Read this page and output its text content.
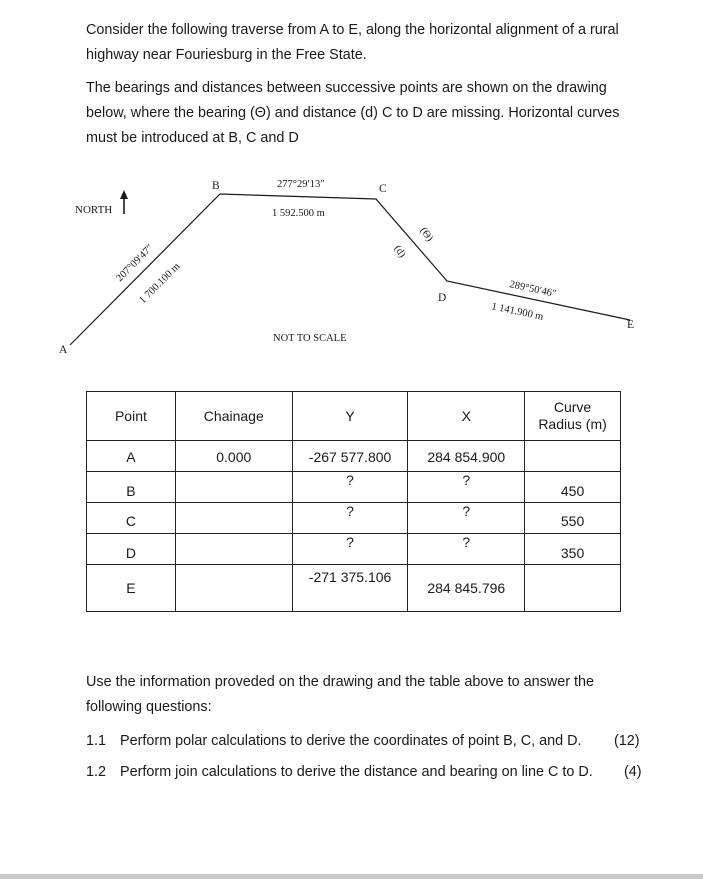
Consider the following traverse from A to E, along the horizontal alignment of a rural

highway near Fouriesburg in the Free State.

The bearings and distances between successive points are shown on the drawing

below, where the bearing (Θ) and distance (d) C to D are missing. Horizontal curves

must be introduced at B, C and D

NORTH
A
B	C
D
E
207°09′47″
1 700.100 m
277°29′13″
1 592.500 m
(Θ)
(d)
289°50′46″
1 141.900 m
NOT TO SCALE
Point	Chainage	Y	X	Curve
Radius (m)

A	0.000	-267 577.800	284 854.900	

B		?	?	450

C		?	?	550

D		?	?	350

E		-271 375.106	284 845.796	

Use the information proveded on the drawing and the table above to answer the

following questions:

1.1 Perform polar calculations to derive the coordinates of point B, C, and D. (12)
1.2 Perform join calculations to derive the distance and bearing on line C to D. (4)
